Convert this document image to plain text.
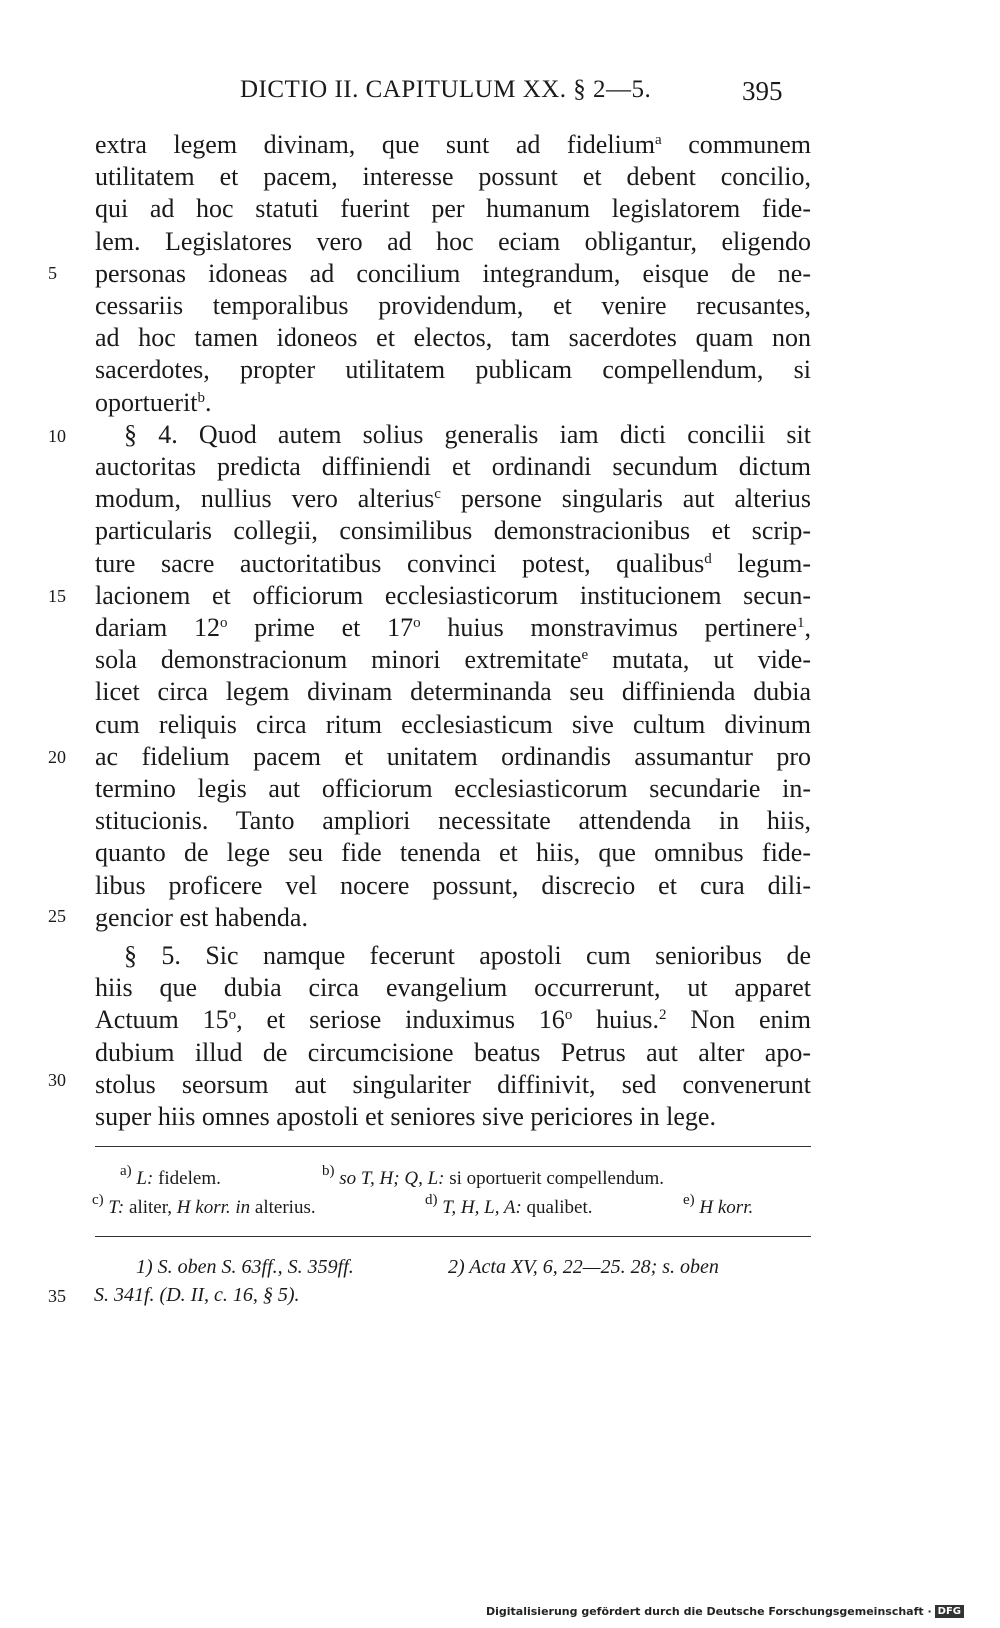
DICTIO II. CAPITULUM XX. § 2—5.	395
extra legem divinam, que sunt ad fidelium$^a$ communem
utilitatem et pacem, interesse possunt et debent concilio,
qui ad hoc statuti fuerint per humanum legislatorem fide-
lem. Legislatores vero ad hoc eciam obligantur, eligendo
personas idoneas ad concilium integrandum, eisque de ne-
cessariis temporalibus providendum, et venire recusantes,
ad hoc tamen idoneos et electos, tam sacerdotes quam non
sacerdotes, propter utilitatem publicam compellendum, si
oportuerit$^b$.
§ 4. Quod autem solius generalis iam dicti concilii sit
auctoritas predicta diffiniendi et ordinandi secundum dictum
modum, nullius vero alterius$^c$ persone singularis aut alterius
particularis collegii, consimilibus demonstracionibus et scrip-
ture sacre auctoritatibus convinci potest, qualibus$^d$ legum-
lacionem et officiorum ecclesiasticorum institucionem secun-
dariam 12$^o$ prime et 17$^o$ huius monstravimus pertinere$^1$,
sola demonstracionum minori extremitate$^e$ mutata, ut vide-
licet circa legem divinam determinanda seu diffinienda dubia
cum reliquis circa ritum ecclesiasticum sive cultum divinum
ac fidelium pacem et unitatem ordinandis assumantur pro
termino legis aut officiorum ecclesiasticorum secundarie in-
stitucionis. Tanto ampliori necessitate attendenda in hiis,
quanto de lege seu fide tenenda et hiis, que omnibus fide-
libus proficere vel nocere possunt, discrecio et cura dili-
gencior est habenda.
§ 5. Sic namque fecerunt apostoli cum senioribus de
hiis que dubia circa evangelium occurrerunt, ut apparet
Actuum 15$^o$, et seriose induximus 16$^o$ huius.$^2$ Non enim
dubium illud de circumcisione beatus Petrus aut alter apo-
stolus seorsum aut singulariter diffinivit, sed convenerunt
super hiis omnes apostoli et seniores sive periciores in lege.
5
10
15
20
25
30
35
$^{a)}$ L: fidelem.	$^{b)}$ so T, H; Q, L: si oportuerit compellendum.
$^{c)}$ T: aliter, H korr. in alterius.	$^{d)}$ T, H, L, A: qualibet.	$^{e)}$ H korr.
1) S. oben S. 63ff., S. 359ff.	2) Acta XV, 6, 22—25. 28; s. oben
S. 341f. (D. II, c. 16, § 5).
Digitalisierung gefördert durch die Deutsche Forschungsgemeinschaft · DFG
